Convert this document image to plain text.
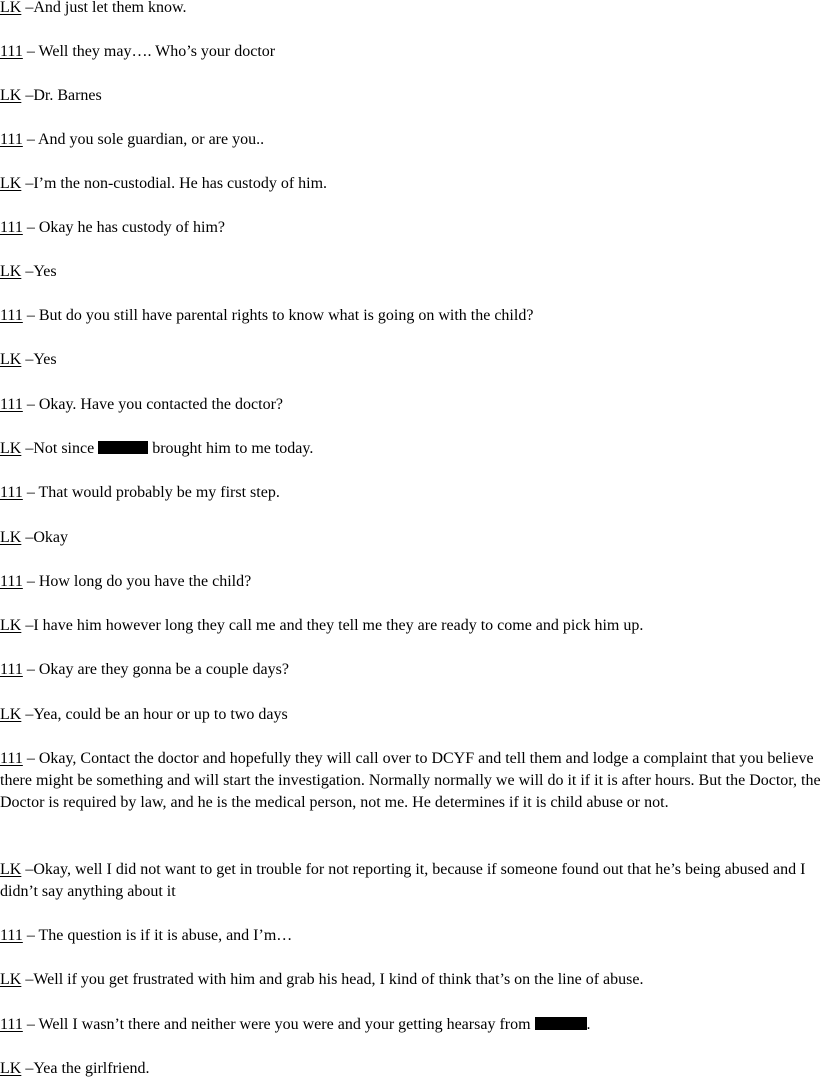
LK –And just let them know.
111 – Well they may…. Who’s your doctor
LK –Dr. Barnes
111 – And you sole guardian, or are you..
LK –I’m the non-custodial. He has custody of him.
111 – Okay he has custody of him?
LK –Yes
111 – But do you still have parental rights to know what is going on with the child?
LK –Yes
111 – Okay. Have you contacted the doctor?
LK –Not since	brought him to me today.
111 – That would probably be my first step.
LK –Okay
111 – How long do you have the child?
LK –I have him however long they call me and they tell me they are ready to come and pick him up.
111 – Okay are they gonna be a couple days?
LK –Yea, could be an hour or up to two days
111 – Okay, Contact the doctor and hopefully they will call over to DCYF and tell them and lodge a complaint that you believe there might be something and will start the investigation. Normally normally we will do it if it is after hours. But the Doctor, the Doctor is required by law, and he is the medical person, not me. He determines if it is child abuse or not.
LK –Okay, well I did not want to get in trouble for not reporting it, because if someone found out that he’s being abused and I didn’t say anything about it
111 – The question is if it is abuse, and I’m…
LK –Well if you get frustrated with him and grab his head, I kind of think that’s on the line of abuse.
111 – Well I wasn’t there and neither were you were and your getting hearsay from	.
LK –Yea the girlfriend.
